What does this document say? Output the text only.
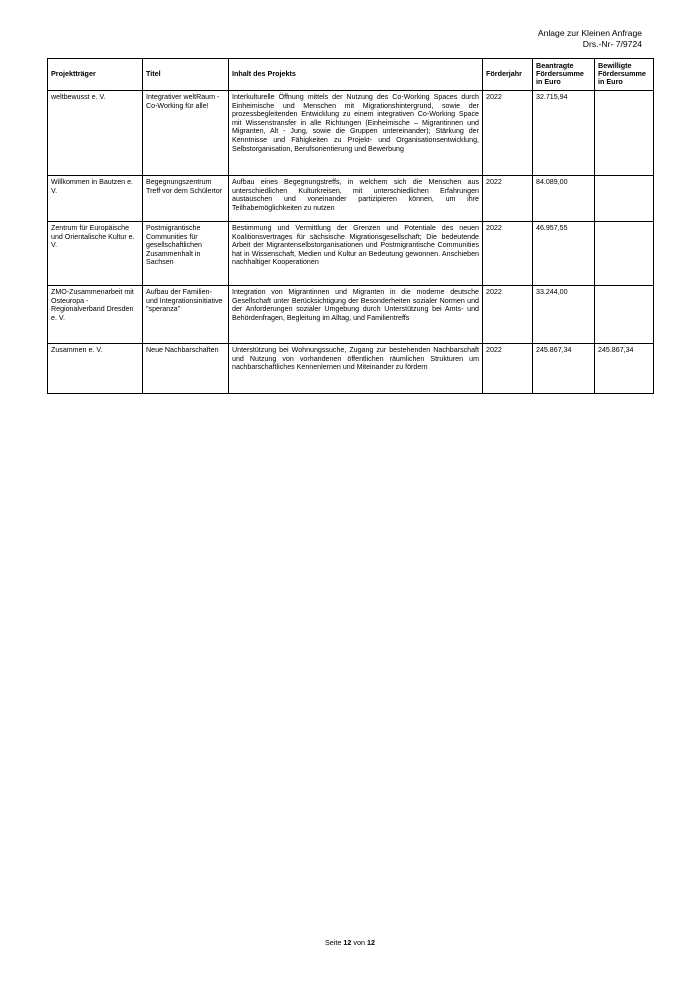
Anlage zur Kleinen Anfrage
Drs.-Nr- 7/9724
Projektträger	Titel	Inhalt des Projekts	Förderjahr	Beantragte Fördersumme in Euro	Bewilligte Fördersumme in Euro
weltbewusst e. V.	Integrativer weltRaum - Co-Working für alle!	Interkulturelle Öffnung mittels der Nutzung des Co-Working Spaces durch Einheimische und Menschen mit Migrationshintergrund, sowie der prozessbegleitenden Entwicklung zu einem integrativen Co-Working Space mit Wissenstransfer in alle Richtungen (Einheimische – Migrantinnen und Migranten, Alt - Jung, sowie die Gruppen untereinander); Stärkung der Kenntnisse und Fähigkeiten zu Projekt- und Organisationsentwicklung, Selbstorganisation, Berufsorientierung und Bewerbung	2022	32.715,94	
Willkommen in Bautzen e. V.	Begegnungszentrum Treff vor dem Schülertor	Aufbau eines Begegnungstreffs, in welchem sich die Menschen aus unterschiedlichen Kulturkreisen, mit unterschiedlichen Erfahrungen austauschen und voneinander partizipieren können, um ihre Teilhabemöglichkeiten zu nutzen	2022	84.089,00	
Zentrum für Europäische und Orientalische Kultur e. V.	Postmigrantische Communities für gesellschaftlichen Zusammenhalt in Sachsen	Bestimmung und Vermittlung der Grenzen und Potentiale des neuen Koalitionsvertrages für sächsische Migrationsgesellschaft; Die bedeutende Arbeit der Migrantenselbstorganisationen und Postmigrantische Communities hat in Wissenschaft, Medien und Kultur an Bedeutung gewonnen. Anschieben nachhaltiger Kooperationen	2022	46.957,55	
ZMO-Zusammenarbeit mit Osteuropa - Regionalverband Dresden e. V.	Aufbau der Familien- und Integrationsinitiative "speranza"	Integration von Migrantinnen und Migranten in die moderne deutsche Gesellschaft unter Berücksichtigung der Besonderheiten sozialer Normen und der Anforderungen sozialer Umgebung durch Unterstützung bei Amts- und Behördenfragen, Begleitung im Alltag, und Familientreffs	2022	33.244,00	
Zusammen e. V.	Neue Nachbarschaften	Unterstützung bei Wohnungssuche, Zugang zur bestehenden Nachbarschaft und Nutzung von vorhandenen öffentlichen räumlichen Strukturen um nachbarschaftliches Kennenlernen und Miteinander zu fördern	2022	245.867,34	245.867,34
Seite 12 von 12
